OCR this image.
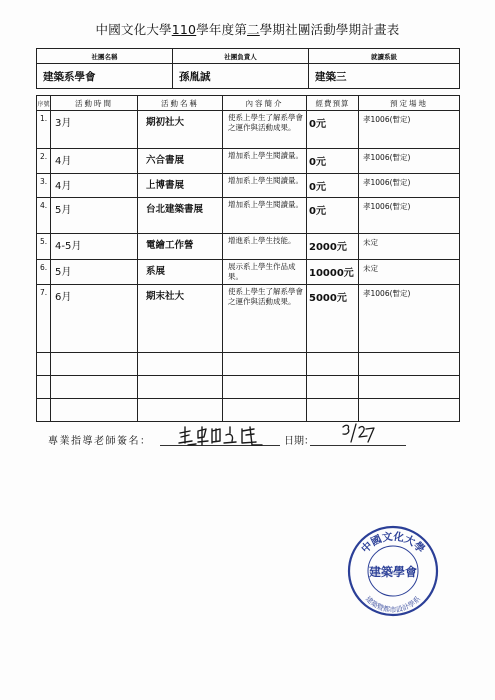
中國文化大學110學年度第二學期社團活動學期計畫表
社團名稱	社團負責人	就讀系級
建築系學會	孫胤誠	建築三
序號	活動時間	活動名稱	內容簡介	經費預算	預定場地
1.	3月	期初社大	使系上學生了解系學會之運作與活動成果。	0元	孝1006(暫定)
2.	4月	六合書展	增加系上學生閱讀量。	0元	孝1006(暫定)
3.	4月	上博書展	增加系上學生閱讀量。	0元	孝1006(暫定)
4.	5月	台北建築書展	增加系上學生閱讀量。	0元	孝1006(暫定)
5.	4-5月	電繪工作營	增進系上學生技能。	2000元	未定
6.	5月	系展	展示系上學生作品成果。	10000元	未定
7.	6月	期末社大	使系上學生了解系學會之運作與活動成果。	5000元	孝1006(暫定)

專業指導老師簽名：	日期：
中國文化大學
建築暨都市設計學系
建築學會
